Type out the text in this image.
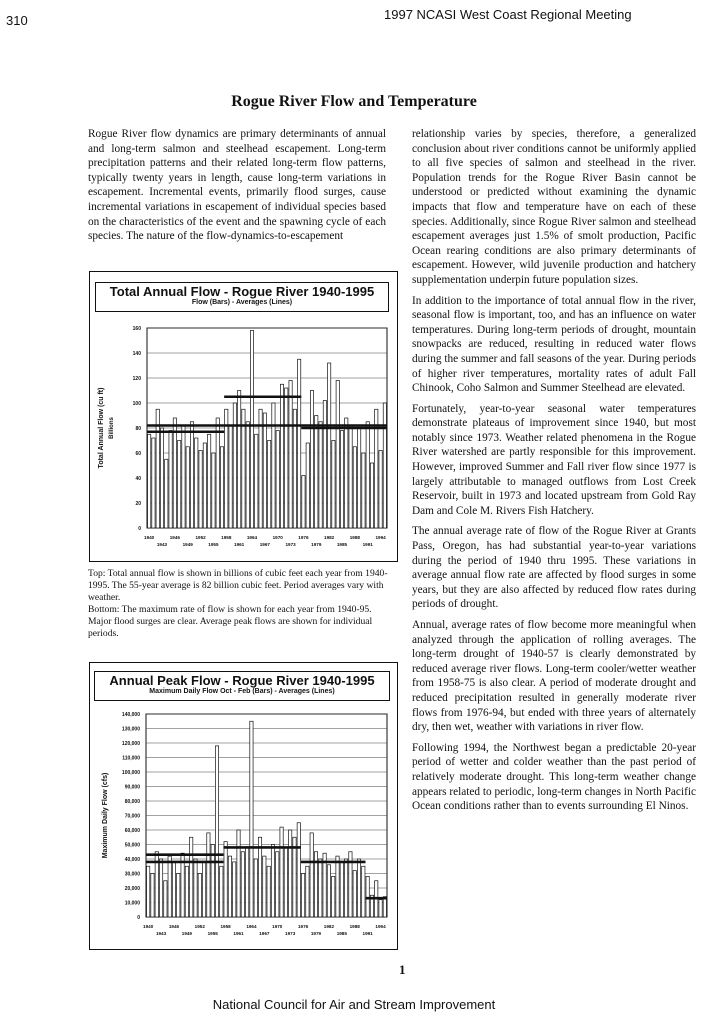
310	1997 NCASI West Coast Regional Meeting
Rogue River Flow and Temperature

Rogue River flow dynamics are primary determinants of annual and long-term salmon and steelhead escapement. Long-term precipitation patterns and their related long-term flow patterns, typically twenty years in length, cause long-term variations in escapement. Incremental events, primarily flood surges, cause incremental variations in escapement of individual species based on the characteristics of the event and the spawning cycle of each species. The nature of the flow-dynamics-to-escapement

Total Annual Flow - Rogue River 1940-1995
Flow (Bars) - Averages (Lines)
160
140
120
100
80
60
40
20
0
1940	1946	1952	1958	1964	1970	1976	1982	1988	1994
1943	1949	1955	1961	1967	1973	1979	1985	1991
Total Annual Flow (cu ft) Billions
Top: Total annual flow is shown in billions of cubic feet each year from 1940-1995. The 55-year average is 82 billion cubic feet. Period averages vary with weather.
Bottom: The maximum rate of flow is shown for each year from 1940-95. Major flood surges are clear. Average peak flows are shown for individual periods.
Annual Peak Flow - Rogue River 1940-1995
Maximum Daily Flow Oct - Feb (Bars) - Averages (Lines)
140,000
130,000
120,000
110,000
100,000
90,000
80,000
70,000
60,000
50,000
40,000
30,000
20,000
10,000
0
1940	1946	1952	1958	1964	1970	1976	1982	1988	1994
1943	1949	1955	1961	1967	1973	1979	1985	1991
Maximum Daily Flow (cfs)

relationship varies by species, therefore, a generalized conclusion about river conditions cannot be uniformly applied to all five species of salmon and steelhead in the river. Population trends for the Rogue River Basin cannot be understood or predicted without examining the dynamic impacts that flow and temperature have on each of these species. Additionally, since Rogue River salmon and steelhead escapement averages just 1.5% of smolt production, Pacific Ocean rearing conditions are also primary determinants of escapement. However, wild juvenile production and hatchery supplementation underpin future population sizes.

In addition to the importance of total annual flow in the river, seasonal flow is important, too, and has an influence on water temperatures. During long-term periods of drought, mountain snowpacks are reduced, resulting in reduced water flows during the summer and fall seasons of the year. During periods of higher river temperatures, mortality rates of adult Fall Chinook, Coho Salmon and Summer Steelhead are elevated.

Fortunately, year-to-year seasonal water temperatures demonstrate plateaus of improvement since 1940, but most notably since 1973. Weather related phenomena in the Rogue River watershed are partly responsible for this improvement. However, improved Summer and Fall river flow since 1977 is largely attributable to managed outflows from Lost Creek Reservoir, built in 1973 and located upstream from Gold Ray Dam and Cole M. Rivers Fish Hatchery.

The annual average rate of flow of the Rogue River at Grants Pass, Oregon, has had substantial year-to-year variations during the period of 1940 thru 1995. These variations in average annual flow rate are affected by flood surges in some years, but they are also affected by reduced flow rates during periods of drought.

Annual, average rates of flow become more meaningful when analyzed through the application of rolling averages. The long-term drought of 1940-57 is clearly demonstrated by reduced average river flows. Long-term cooler/wetter weather from 1958-75 is also clear. A period of moderate drought and reduced precipitation resulted in generally moderate river flows from 1976-94, but ended with three years of alternately dry, then wet, weather with variations in river flow.

Following 1994, the Northwest began a predictable 20-year period of wetter and colder weather than the past period of relatively moderate drought. This long-term weather change appears related to periodic, long-term changes in North Pacific Ocean conditions rather than to events surrounding El Ninos.

1
National Council for Air and Stream Improvement
